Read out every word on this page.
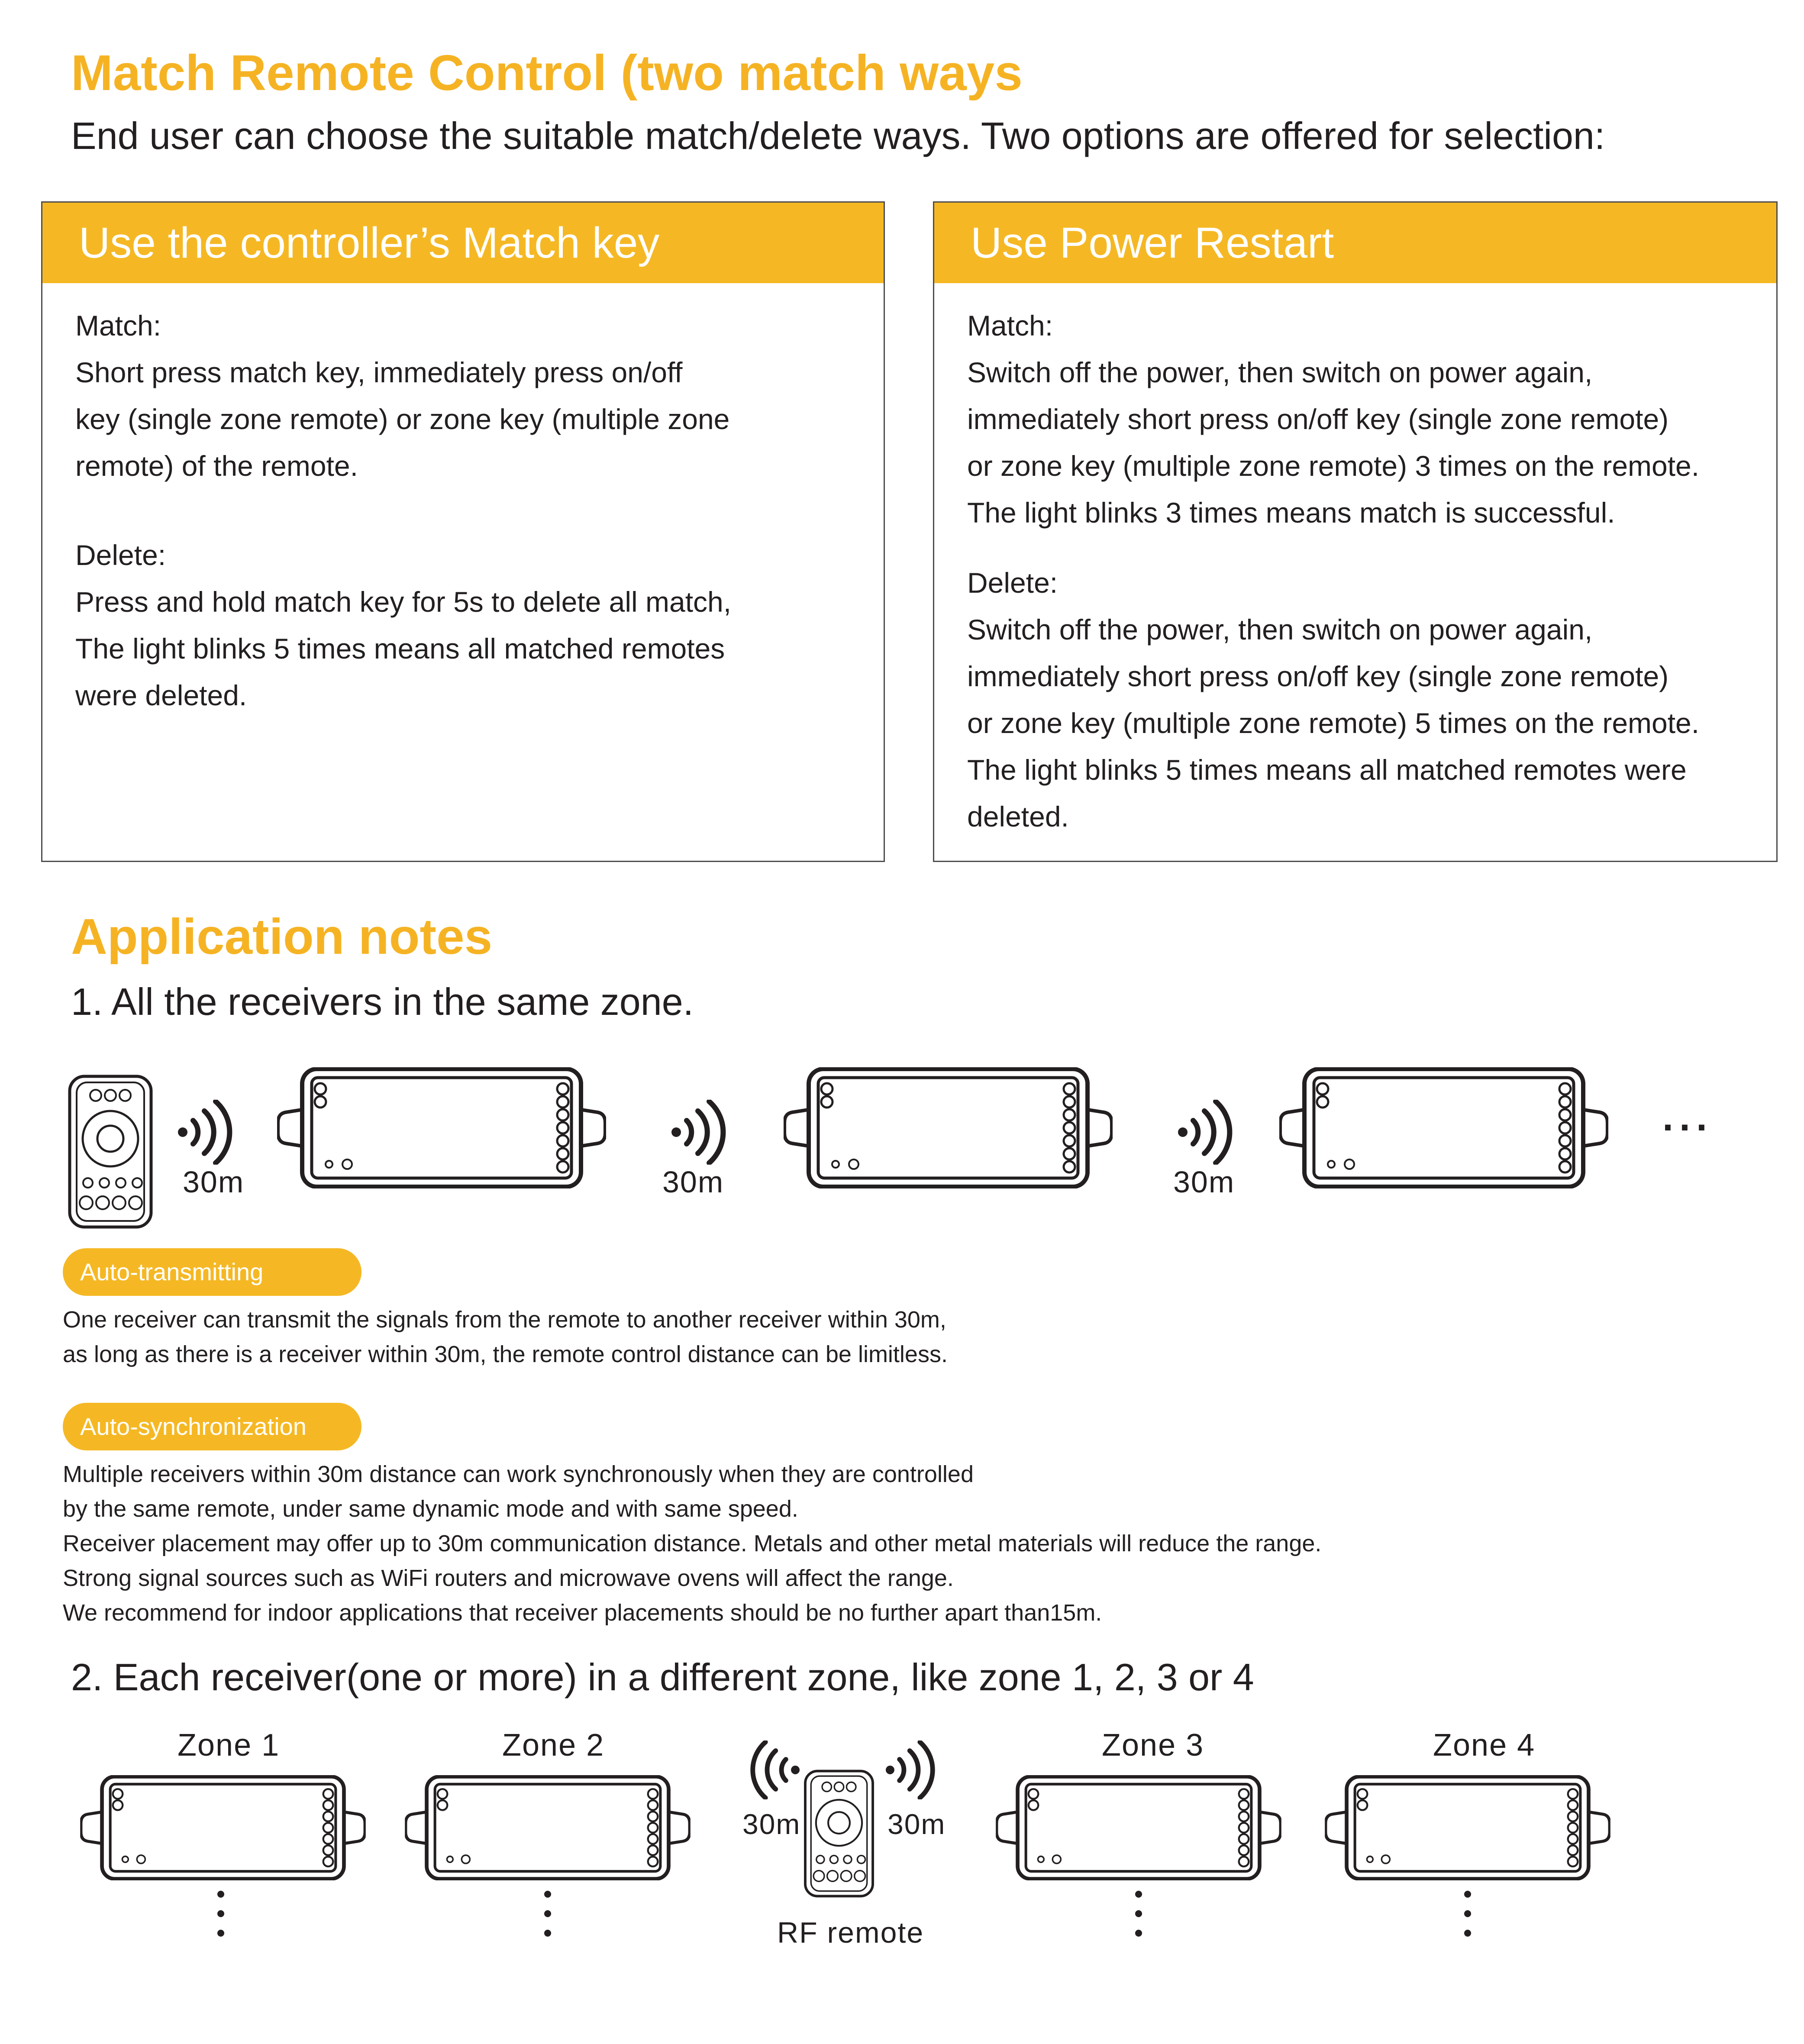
Match Remote Control (two match ways
End user can choose the suitable match/delete ways. Two options are offered for selection:
Use the controller’s Match key
Match:
Short press match key, immediately press on/off
key (single zone remote) or zone key (multiple zone
remote) of the remote.
Delete:
Press and hold match key for 5s to delete all match,
The light blinks 5 times means all matched remotes
were deleted.
Use Power Restart
Match:
Switch off the power, then switch on power again,
immediately short press on/off key (single zone remote)
or zone key (multiple zone remote) 3 times on the remote.
The light blinks 3 times means match is successful.
Delete:
Switch off the power, then switch on power again,
immediately short press on/off key (single zone remote)
or zone key (multiple zone remote) 5 times on the remote.
The light blinks 5 times means all matched remotes were
deleted.
Application notes
1. All the receivers in the same zone.
30m	30m	30m
...
Auto-transmitting
One receiver can transmit the signals from the remote to another receiver within 30m,
as long as there is a receiver within 30m, the remote control distance can be limitless.
Auto-synchronization
Multiple receivers within 30m distance can work synchronously when they are controlled
by the same remote, under same dynamic mode and with same speed.
Receiver placement may offer up to 30m communication distance. Metals and other metal materials will reduce the range.
Strong signal sources such as WiFi routers and microwave ovens will affect the range.
We recommend for indoor applications that receiver placements should be no further apart than15m.
2. Each receiver(one or more) in a different zone, like zone 1, 2, 3 or 4
Zone 1	Zone 2	Zone 3	Zone 4
30m	30m
RF remote
